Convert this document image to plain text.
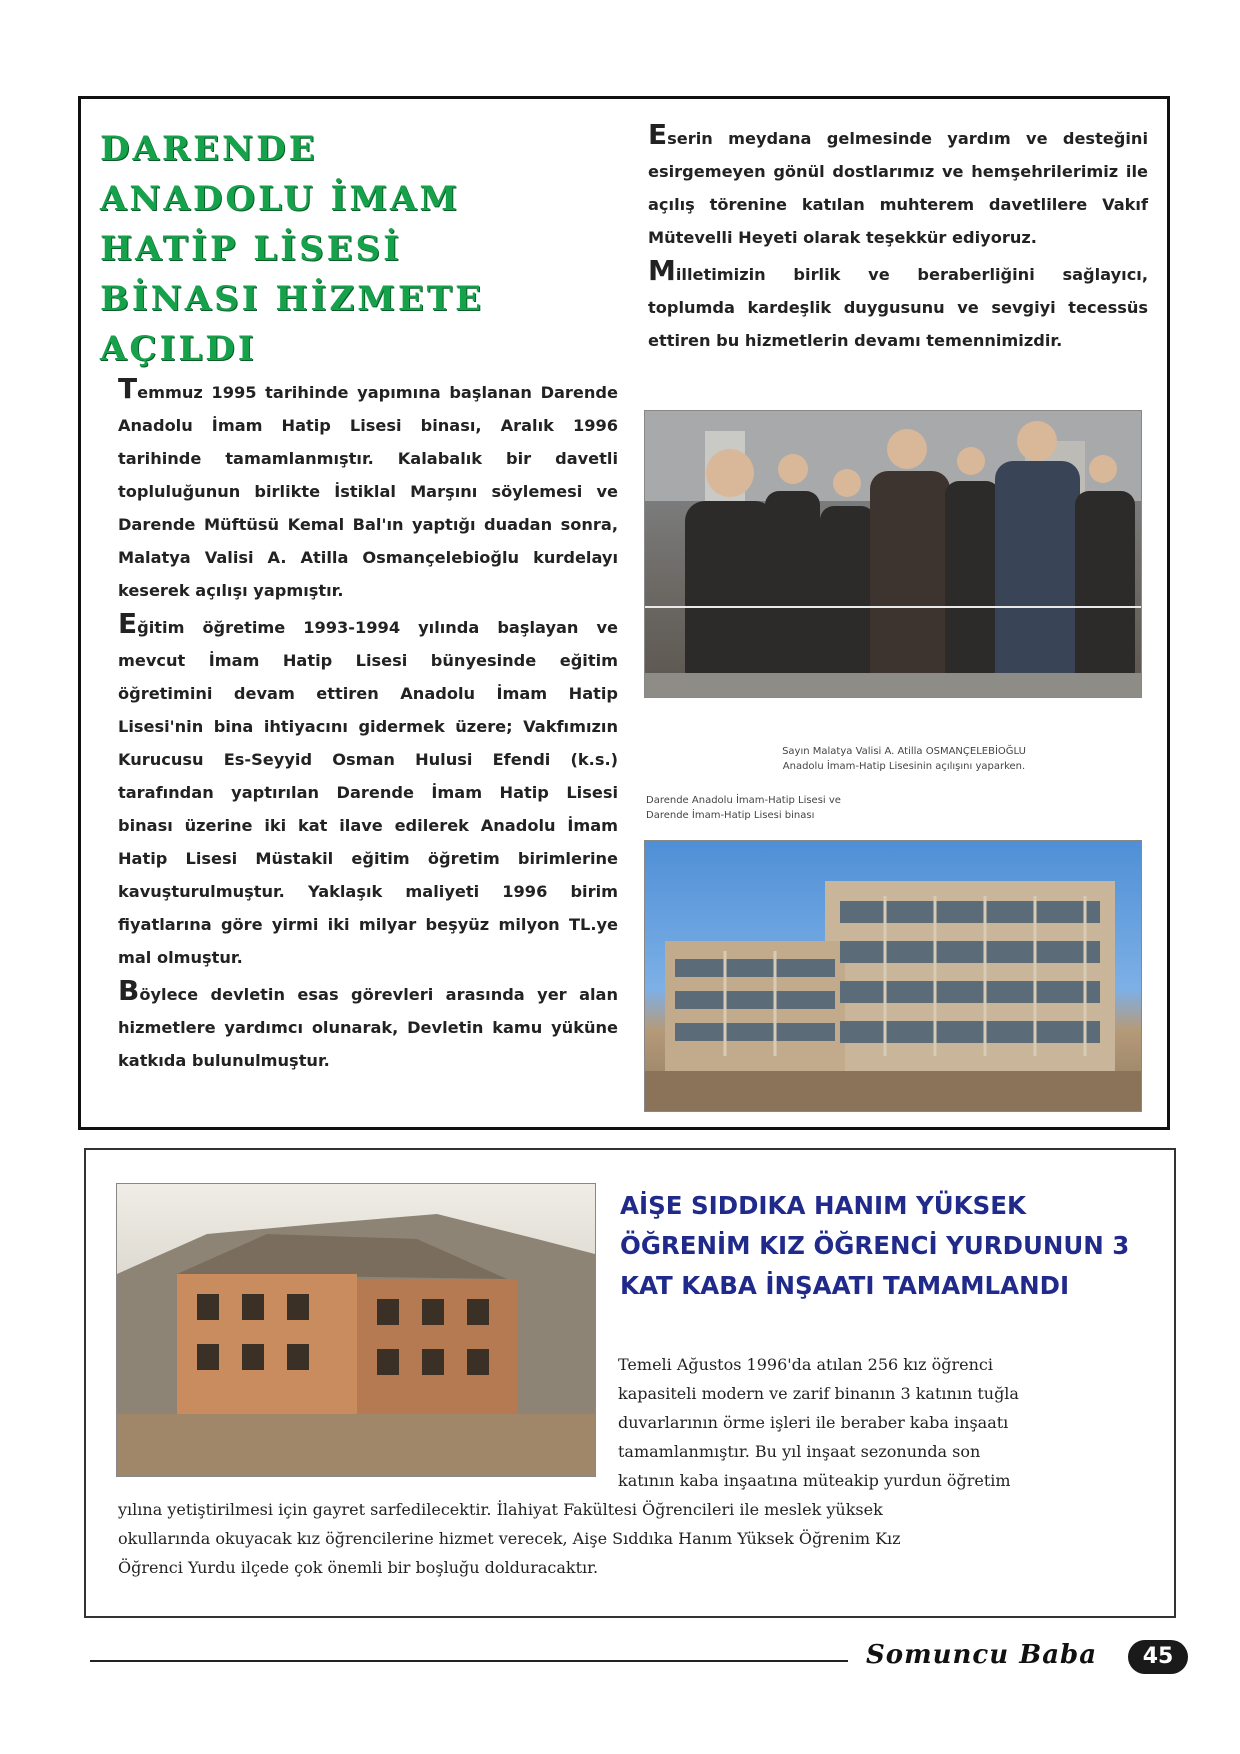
DARENDE ANADOLU İMAM HATİP LİSESİ BİNASI HİZMETE AÇILDI

Temmuz 1995 tarihinde yapımına başlanan Darende Anadolu İmam Hatip Lisesi binası, Aralık 1996 tarihinde tamamlanmıştır. Kalabalık bir davetli topluluğunun birlikte İstiklal Marşını söylemesi ve Darende Müftüsü Kemal Bal'ın yaptığı duadan sonra, Malatya Valisi A. Atilla Osmançelebioğlu kurdelayı keserek açılışı yapmıştır.

Eğitim öğretime 1993-1994 yılında başlayan ve mevcut İmam Hatip Lisesi bünyesinde eğitim öğretimini devam ettiren Anadolu İmam Hatip Lisesi'nin bina ihtiyacını gidermek üzere; Vakfımızın Kurucusu Es-Seyyid Osman Hulusi Efendi (k.s.) tarafından yaptırılan Darende İmam Hatip Lisesi binası üzerine iki kat ilave edilerek Anadolu İmam Hatip Lisesi Müstakil eğitim öğretim birimlerine kavuşturulmuştur. Yaklaşık maliyeti 1996 birim fiyatlarına göre yirmi iki milyar beşyüz milyon TL.ye mal olmuştur.

Böylece devletin esas görevleri arasında yer alan hizmetlere yardımcı olunarak, Devletin kamu yüküne katkıda bulunulmuştur.

Eserin meydana gelmesinde yardım ve desteğini esirgemeyen gönül dostlarımız ve hemşehrilerimiz ile açılış törenine katılan muhterem davetlilere Vakıf Mütevelli Heyeti olarak teşekkür ediyoruz.

Milletimizin birlik ve beraberliğini sağlayıcı, toplumda kardeşlik duygusunu ve sevgiyi tecessüs ettiren bu hizmetlerin devamı temennimizdir.

Sayın Malatya Valisi A. Atilla OSMANÇELEBİOĞLU
Anadolu İmam-Hatip Lisesinin açılışını yaparken.
Darende Anadolu İmam-Hatip Lisesi ve
Darende İmam-Hatip Lisesi binası
AİŞE SIDDIKA HANIM YÜKSEK ÖĞRENİM KIZ ÖĞRENCİ YURDUNUN 3 KAT KABA İNŞAATI TAMAMLANDI
Temeli Ağustos 1996'da atılan 256 kız öğrenci
kapasiteli modern ve zarif binanın 3 katının tuğla
duvarlarının örme işleri ile beraber kaba inşaatı
tamamlanmıştır. Bu yıl inşaat sezonunda son
katının kaba inşaatına müteakip yurdun öğretim
yılına yetiştirilmesi için gayret sarfedilecektir. İlahiyat Fakültesi Öğrencileri ile meslek yüksek
okullarında okuyacak kız öğrencilerine hizmet verecek, Aişe Sıddıka Hanım Yüksek Öğrenim Kız
Öğrenci Yurdu ilçede çok önemli bir boşluğu dolduracaktır.
Somuncu Baba	45
